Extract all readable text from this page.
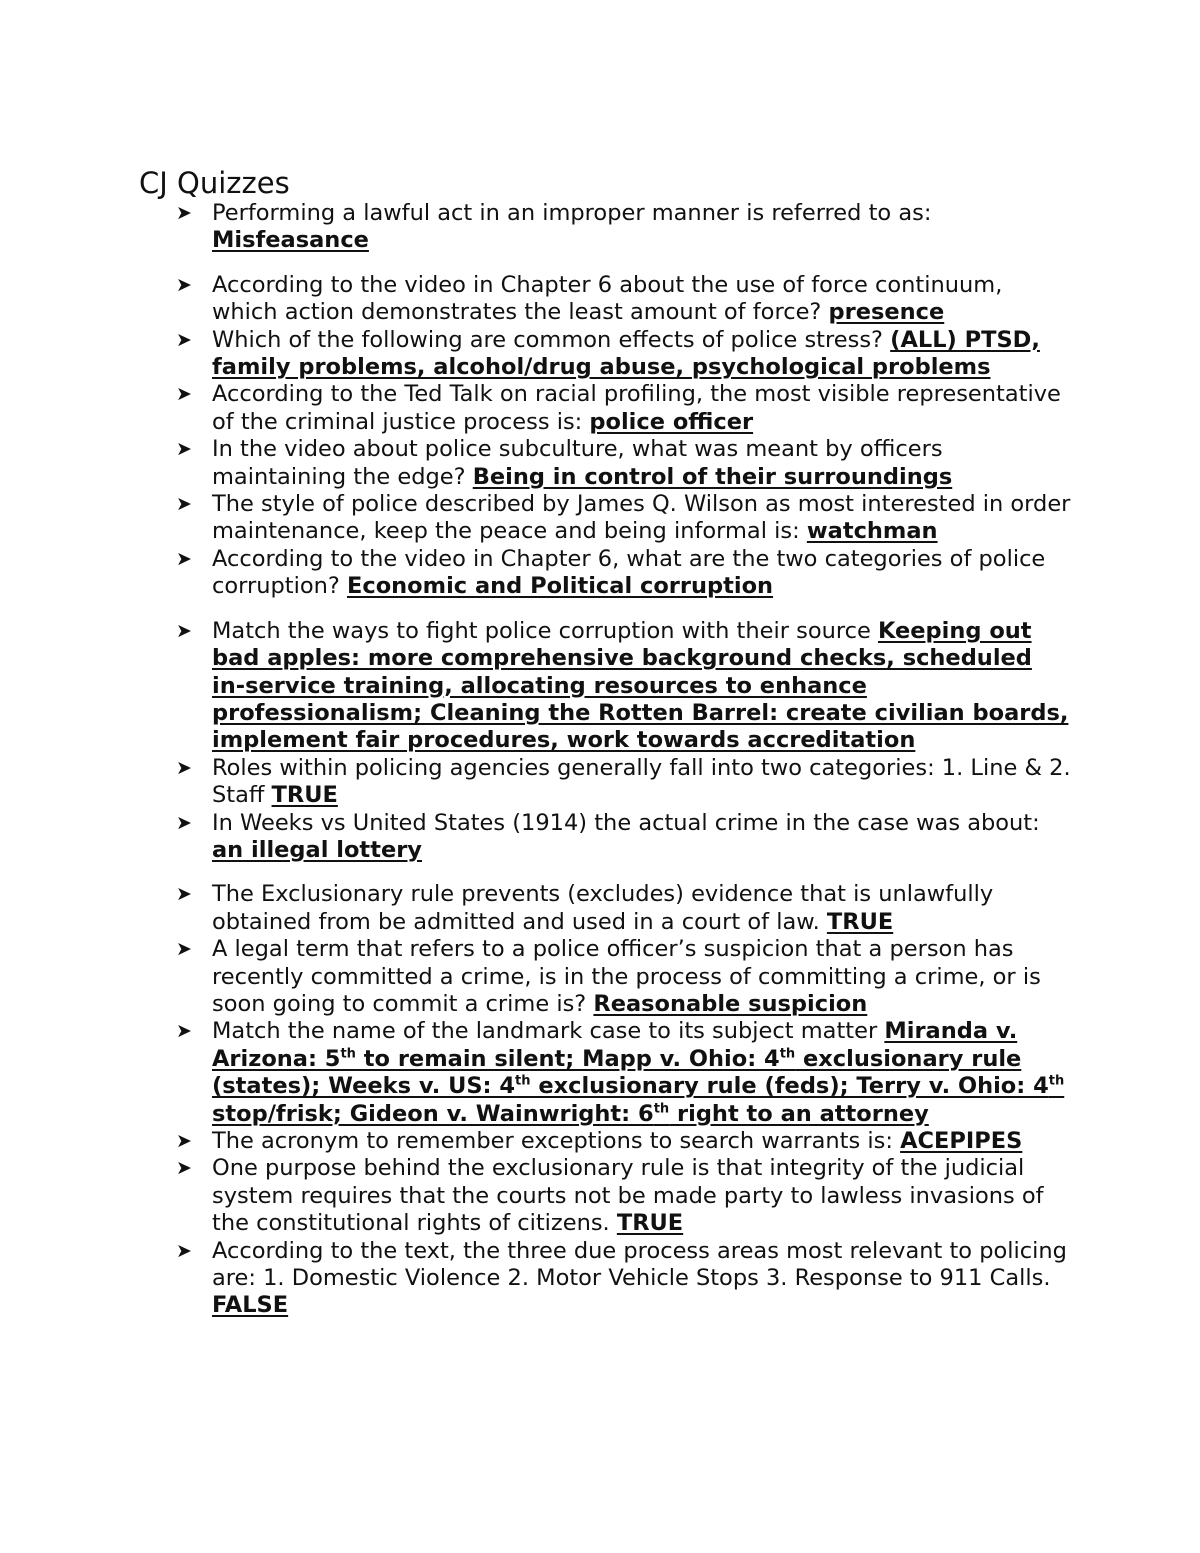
CJ Quizzes
➤ Performing a lawful act in an improper manner is referred to as: Misfeasance
➤ According to the video in Chapter 6 about the use of force continuum, which action demonstrates the least amount of force? presence
➤ Which of the following are common effects of police stress? (ALL) PTSD, family problems, alcohol/drug abuse, psychological problems
➤ According to the Ted Talk on racial profiling, the most visible representative of the criminal justice process is: police officer
➤ In the video about police subculture, what was meant by officers maintaining the edge? Being in control of their surroundings
➤ The style of police described by James Q. Wilson as most interested in order maintenance, keep the peace and being informal is: watchman
➤ According to the video in Chapter 6, what are the two categories of police corruption? Economic and Political corruption
➤ Match the ways to fight police corruption with their source Keeping out bad apples: more comprehensive background checks, scheduled in-service training, allocating resources to enhance professionalism; Cleaning the Rotten Barrel: create civilian boards, implement fair procedures, work towards accreditation
➤ Roles within policing agencies generally fall into two categories: 1. Line & 2. Staff TRUE
➤ In Weeks vs United States (1914) the actual crime in the case was about: an illegal lottery
➤ The Exclusionary rule prevents (excludes) evidence that is unlawfully obtained from be admitted and used in a court of law. TRUE
➤ A legal term that refers to a police officer’s suspicion that a person has recently committed a crime, is in the process of committing a crime, or is soon going to commit a crime is? Reasonable suspicion
➤ Match the name of the landmark case to its subject matter Miranda v. Arizona: 5th to remain silent; Mapp v. Ohio: 4th exclusionary rule (states); Weeks v. US: 4th exclusionary rule (feds); Terry v. Ohio: 4th stop/frisk; Gideon v. Wainwright: 6th right to an attorney
➤ The acronym to remember exceptions to search warrants is: ACEPIPES
➤ One purpose behind the exclusionary rule is that integrity of the judicial system requires that the courts not be made party to lawless invasions of the constitutional rights of citizens. TRUE
➤ According to the text, the three due process areas most relevant to policing are: 1. Domestic Violence 2. Motor Vehicle Stops 3. Response to 911 Calls. FALSE
